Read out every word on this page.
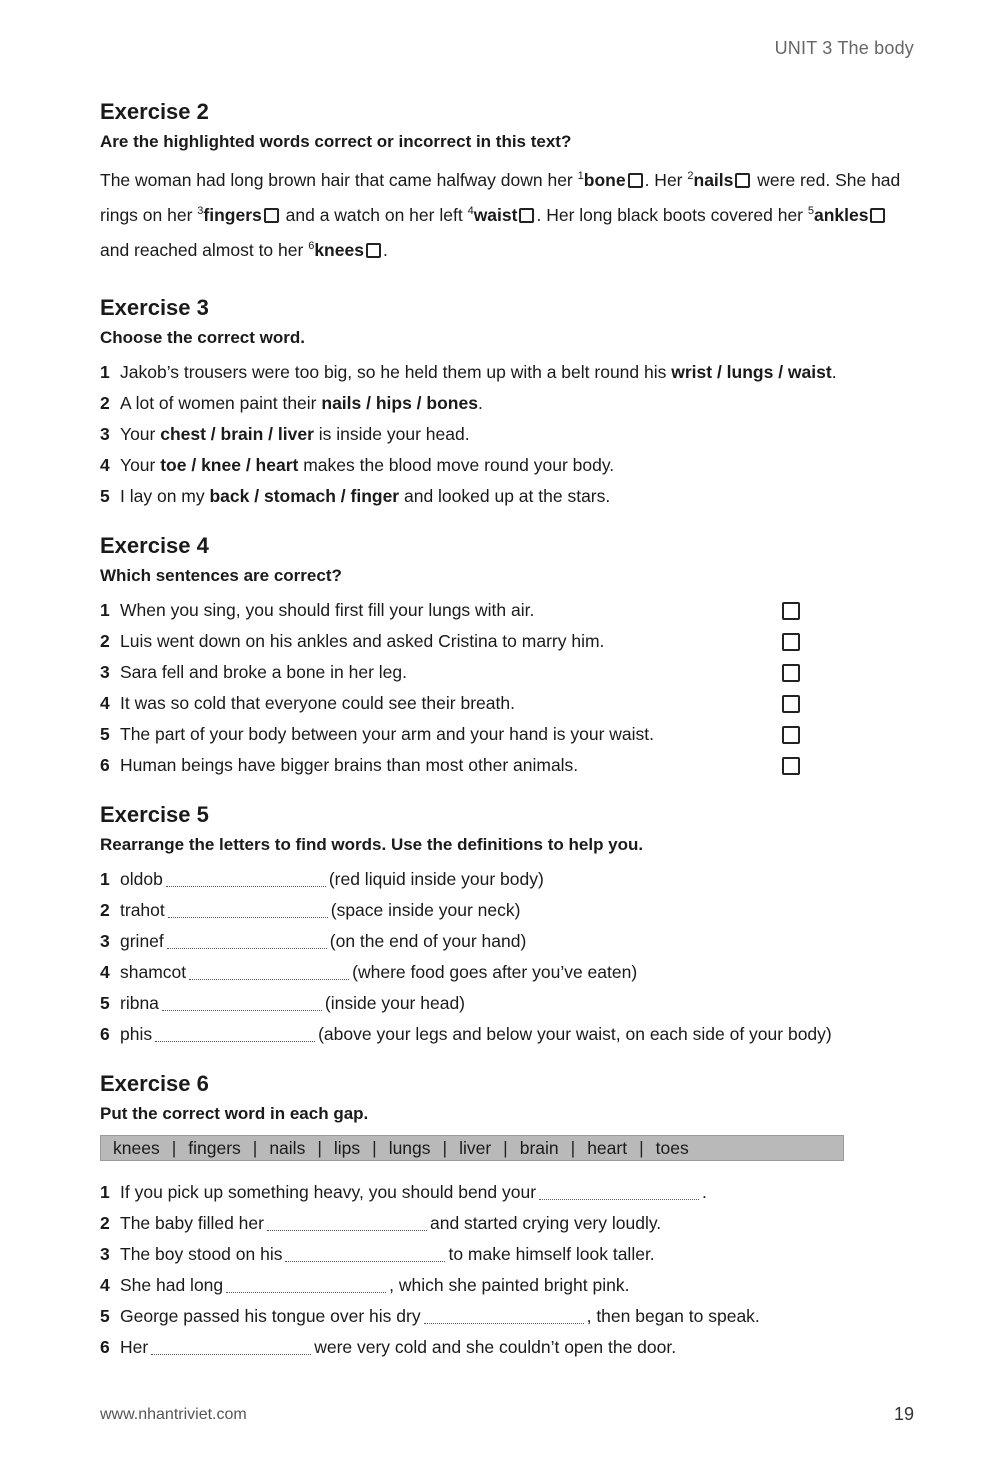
UNIT 3 The body
Exercise 2

Are the highlighted words correct or incorrect in this text?

The woman had long brown hair that came halfway down her $^1$bone . Her $^2$nails were red. She had rings on her $^3$fingers and a watch on her left $^4$waist . Her long black boots covered her $^5$ankles and reached almost to her $^6$knees .

Exercise 3

Choose the correct word.

1 Jakob’s trousers were too big, so he held them up with a belt round his wrist / lungs / waist.
2 A lot of women paint their nails / hips / bones.
3 Your chest / brain / liver is inside your head.
4 Your toe / knee / heart makes the blood move round your body.
5 I lay on my back / stomach / finger and looked up at the stars.
Exercise 4

Which sentences are correct?

1 When you sing, you should first fill your lungs with air.
2 Luis went down on his ankles and asked Cristina to marry him.
3 Sara fell and broke a bone in her leg.
4 It was so cold that everyone could see their breath.
5 The part of your body between your arm and your hand is your waist.
6 Human beings have bigger brains than most other animals.
Exercise 5

Rearrange the letters to find words. Use the definitions to help you.

1 oldob	(red liquid inside your body)
2 trahot	(space inside your neck)
3 grinef	(on the end of your hand)
4 shamcot	(where food goes after you’ve eaten)
5 ribna	(inside your head)
6 phis	(above your legs and below your waist, on each side of your body)
Exercise 6

Put the correct word in each gap.

knees | fingers | nails | lips | lungs | liver | brain | heart | toes
1 If you pick up something heavy, you should bend your	.
2 The baby filled her	and started crying very loudly.
3 The boy stood on his	to make himself look taller.
4 She had long	, which she painted bright pink.
5 George passed his tongue over his dry	, then began to speak.
6 Her	were very cold and she couldn’t open the door.
www.nhantriviet.com	19
